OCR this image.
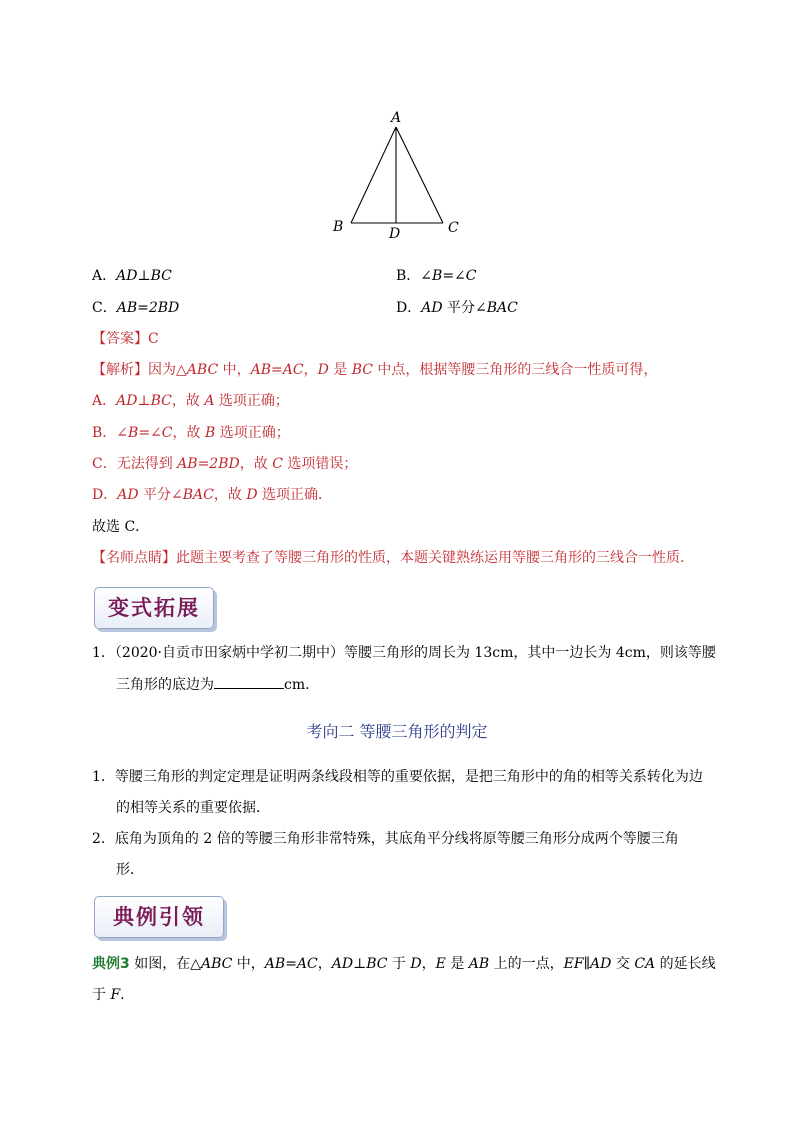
A
B	C
D
A．AD⊥BC	B．∠B=∠C
C．AB=2BD	D．AD 平分∠BAC
【答案】C
【解析】因为△ABC 中，AB=AC，D 是 BC 中点，根据等腰三角形的三线合一性质可得，
A．AD⊥BC，故 A 选项正确；
B．∠B=∠C，故 B 选项正确；
C．无法得到 AB=2BD，故 C 选项错误；
D．AD 平分∠BAC，故 D 选项正确．
故选 C．
【名师点睛】此题主要考查了等腰三角形的性质，本题关键熟练运用等腰三角形的三线合一性质.
变式拓展
1．（2020·自贡市田家炳中学初二期中）等腰三角形的周长为 13cm，其中一边长为 4cm，则该等腰
三角形的底边为	cm.
考向二 等腰三角形的判定
1．等腰三角形的判定定理是证明两条线段相等的重要依据，是把三角形中的角的相等关系转化为边
的相等关系的重要依据．
2．底角为顶角的 2 倍的等腰三角形非常特殊，其底角平分线将原等腰三角形分成两个等腰三角
形．
典例引领
典例3 如图，在△ABC 中，AB=AC，AD⊥BC 于 D，E 是 AB 上的一点，EF∥AD 交 CA 的延长线
于 F.
